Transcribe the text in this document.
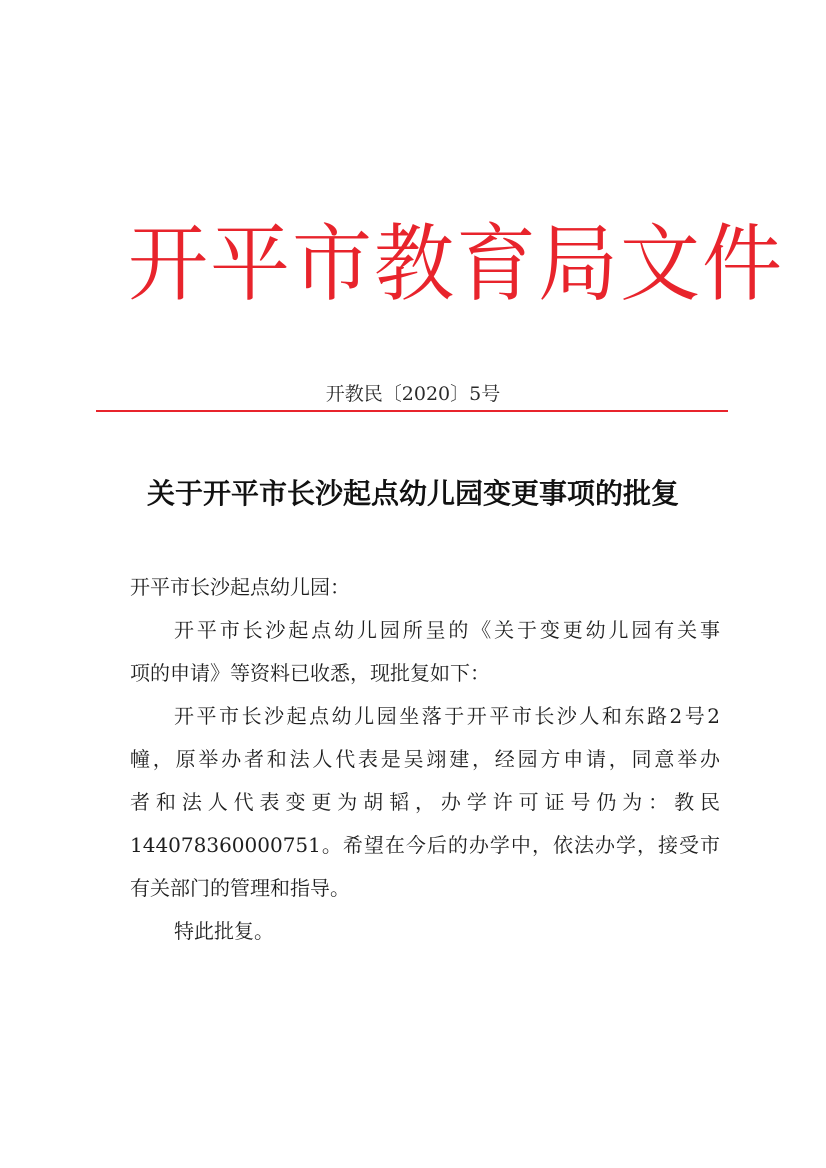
开平市教育局文件
开教民〔2020〕5号
关于开平市长沙起点幼儿园变更事项的批复
开平市长沙起点幼儿园：

开平市长沙起点幼儿园所呈的《关于变更幼儿园有关事

项的申请》等资料已收悉，现批复如下：

开平市长沙起点幼儿园坐落于开平市长沙人和东路2号2

幢，原举办者和法人代表是吴翊建，经园方申请，同意举办

者和法人代表变更为胡韬，办学许可证号仍为：教民

144078360000751。希望在今后的办学中，依法办学，接受市

有关部门的管理和指导。

特此批复。
